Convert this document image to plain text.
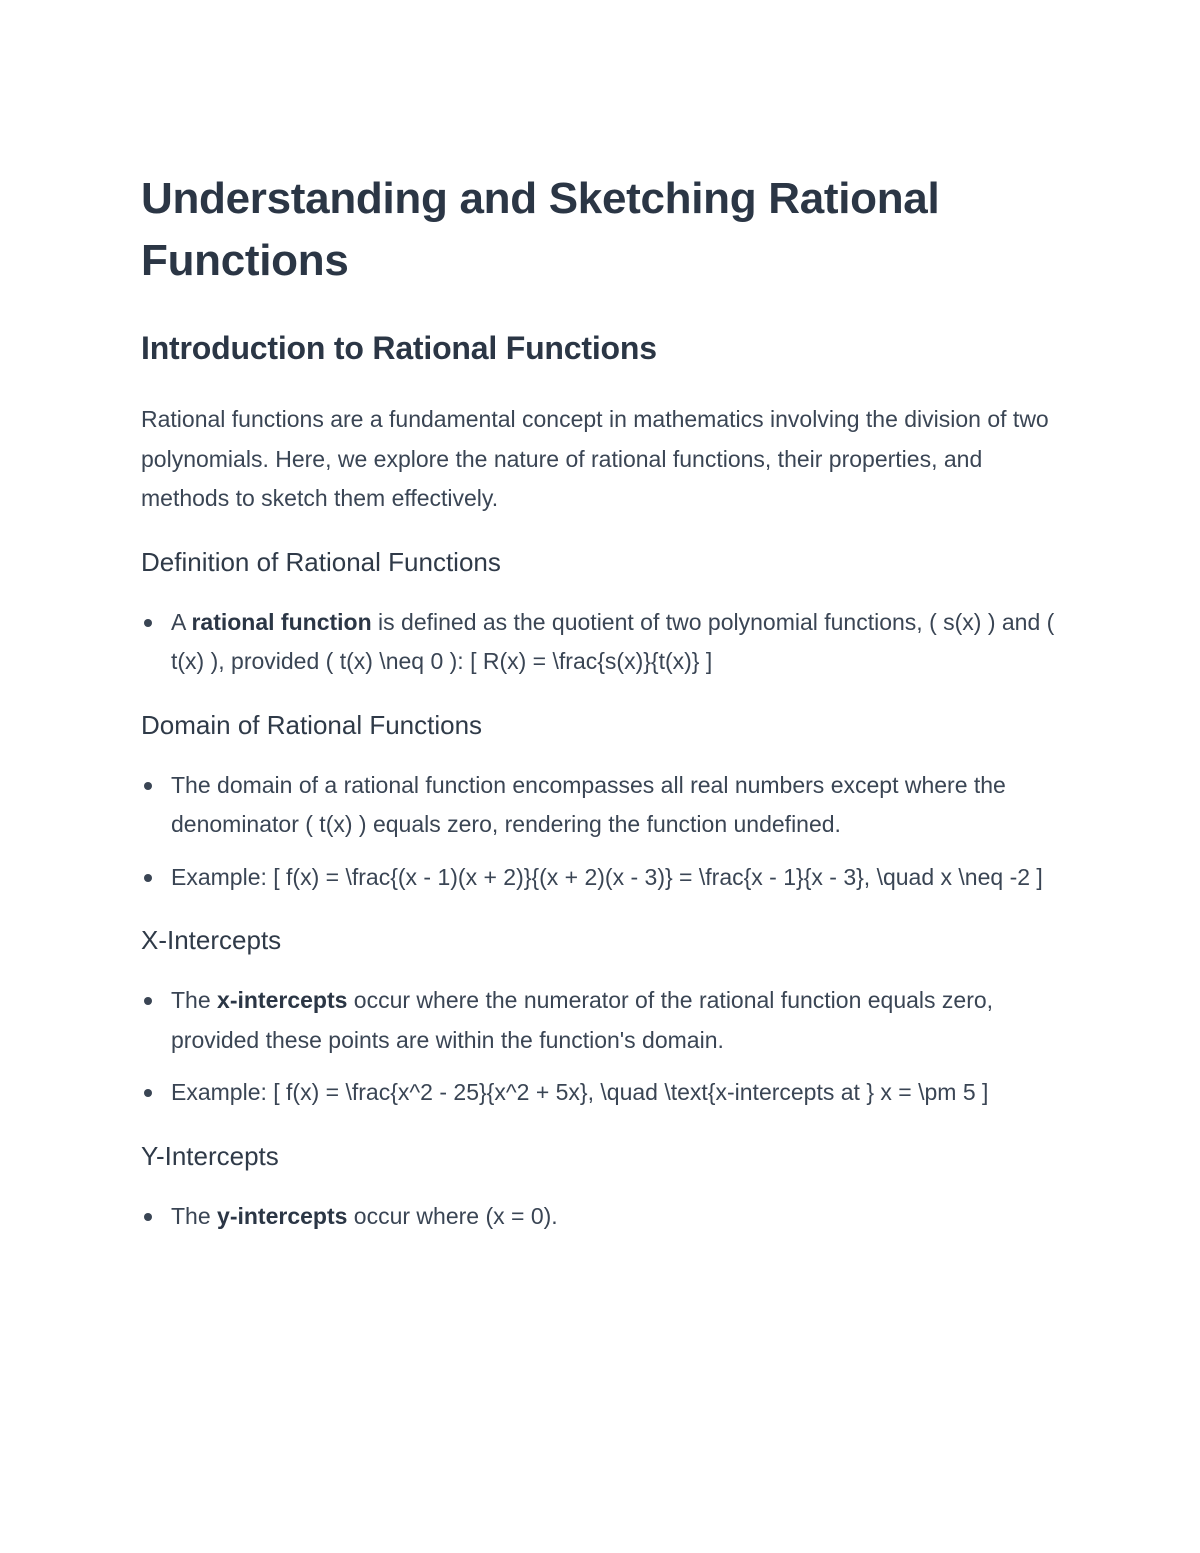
Understanding and Sketching Rational Functions
Introduction to Rational Functions

Rational functions are a fundamental concept in mathematics involving the division of two polynomials. Here, we explore the nature of rational functions, their properties, and methods to sketch them effectively.

Definition of Rational Functions
A rational function is defined as the quotient of two polynomial functions, ( s(x) ) and ( t(x) ), provided ( t(x) \neq 0 ): [ R(x) = \frac{s(x)}{t(x)} ]
Domain of Rational Functions
The domain of a rational function encompasses all real numbers except where the denominator ( t(x) ) equals zero, rendering the function undefined.
Example: [ f(x) = \frac{(x - 1)(x + 2)}{(x + 2)(x - 3)} = \frac{x - 1}{x - 3}, \quad x \neq -2 ]
X-Intercepts
The x-intercepts occur where the numerator of the rational function equals zero, provided these points are within the function's domain.
Example: [ f(x) = \frac{x^2 - 25}{x^2 + 5x}, \quad \text{x-intercepts at } x = \pm 5 ]
Y-Intercepts
The y-intercepts occur where (x = 0).
